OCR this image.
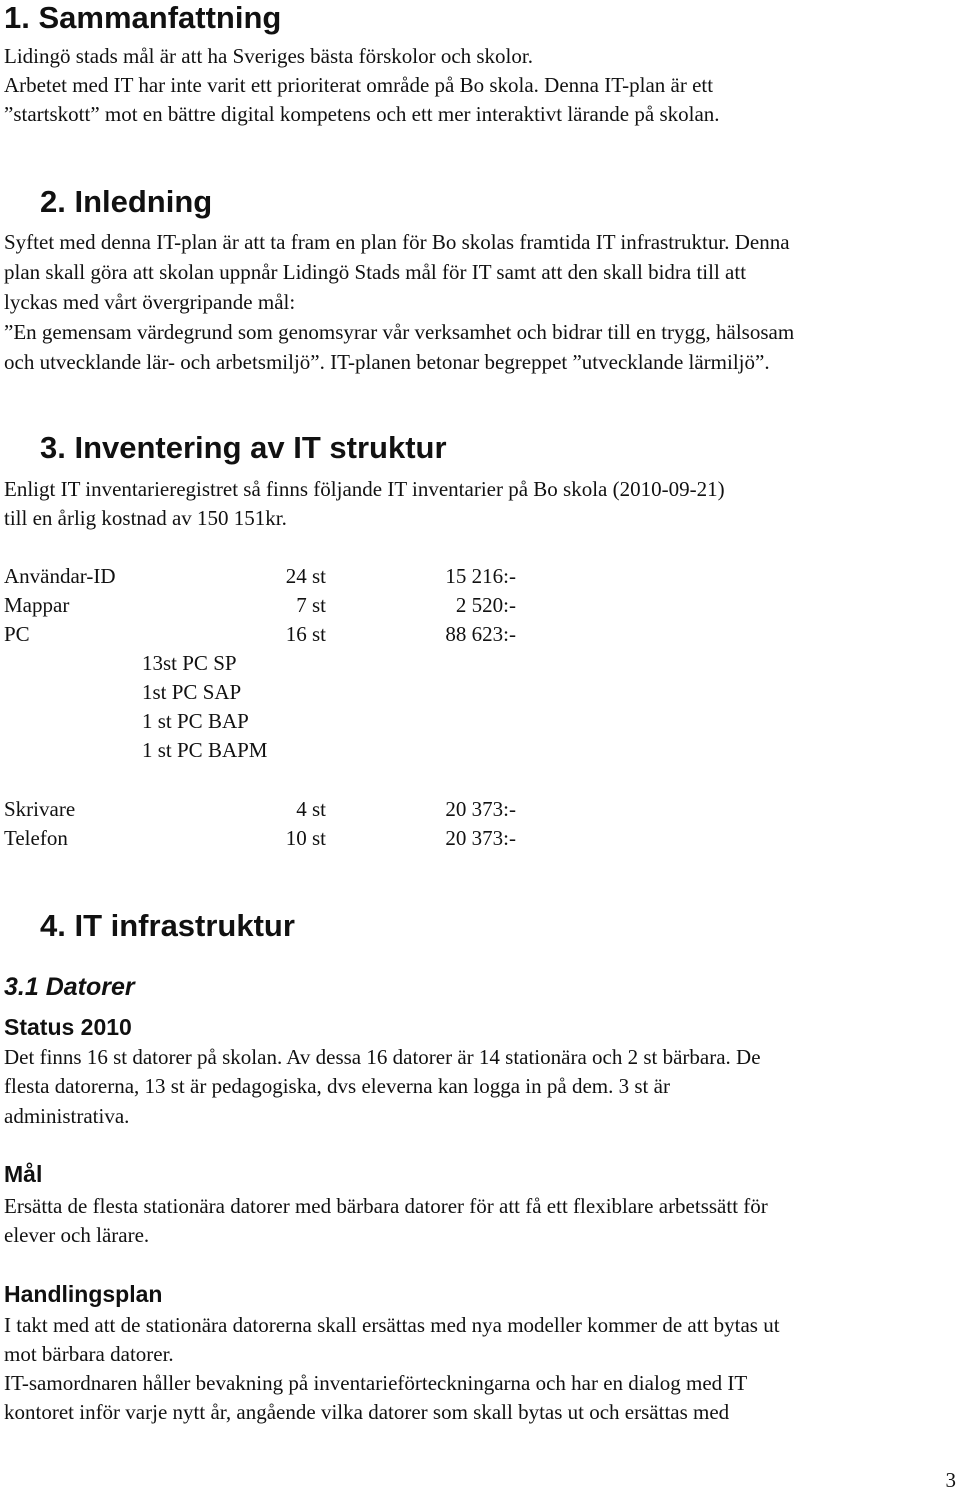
1. Sammanfattning
Lidingö stads mål är att ha Sveriges bästa förskolor och skolor.
Arbetet med IT har inte varit ett prioriterat område på Bo skola. Denna IT-plan är ett
”startskott” mot en bättre digital kompetens och ett mer interaktivt lärande på skolan.
2. Inledning
Syftet med denna IT-plan är att ta fram en plan för Bo skolas framtida IT infrastruktur. Denna
plan skall göra att skolan uppnår Lidingö Stads mål för IT samt att den skall bidra till att
lyckas med vårt övergripande mål:
”En gemensam värdegrund som genomsyrar vår verksamhet och bidrar till en trygg, hälsosam
och utvecklande lär- och arbetsmiljö”. IT-planen betonar begreppet ”utvecklande lärmiljö”.
3. Inventering av IT struktur
Enligt IT inventarieregistret så finns följande IT inventarier på Bo skola (2010-09-21)
till en årlig kostnad av 150 151kr.
Användar-ID	24 st	15 216:-
Mappar	7 st	2 520:-
PC	16 st	88 623:-
13st PC SP
1st PC SAP
1 st PC BAP
1 st PC BAPM
Skrivare	4 st	20 373:-
Telefon	10 st	20 373:-
4. IT infrastruktur
3.1 Datorer
Status 2010
Det finns 16 st datorer på skolan. Av dessa 16 datorer är 14 stationära och 2 st bärbara. De
flesta datorerna, 13 st är pedagogiska, dvs eleverna kan logga in på dem. 3 st är
administrativa.
Mål
Ersätta de flesta stationära datorer med bärbara datorer för att få ett flexiblare arbetssätt för
elever och lärare.
Handlingsplan
I takt med att de stationära datorerna skall ersättas med nya modeller kommer de att bytas ut
mot bärbara datorer.
IT-samordnaren håller bevakning på inventarieförteckningarna och har en dialog med IT
kontoret inför varje nytt år, angående vilka datorer som skall bytas ut och ersättas med
3
